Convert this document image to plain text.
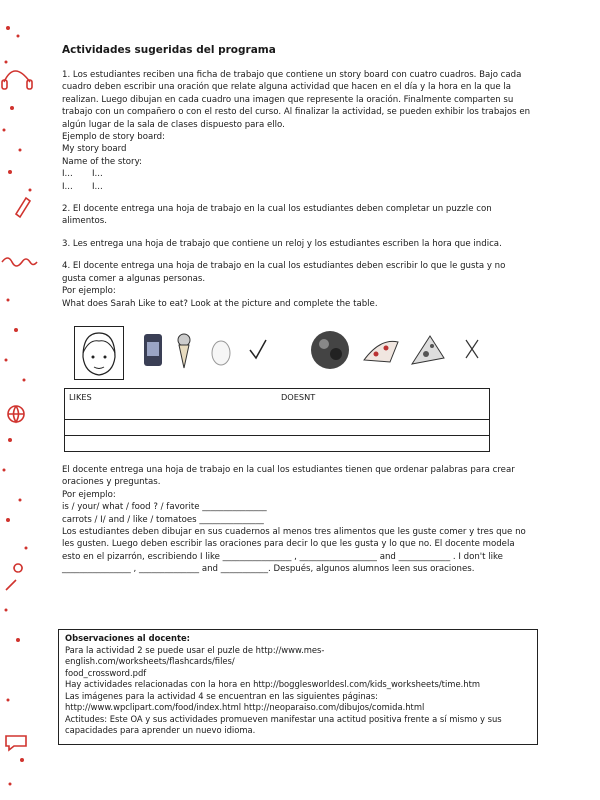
Actividades sugeridas del programa

1. Los estudiantes reciben una ficha de trabajo que contiene un story board con cuatro cuadros. Bajo cada cuadro deben escribir una oración que relate alguna actividad que hacen en el día y la hora en la que la realizan. Luego dibujan en cada cuadro una imagen que represente la oración. Finalmente comparten su trabajo con un compañero o con el resto del curso. Al finalizar la actividad, se pueden exhibir los trabajos en algún lugar de la sala de clases dispuesto para ello.

Ejemplo de story board:

My story board

Name of the story:

I...	I...
I...	I...

2. El docente entrega una hoja de trabajo en la cual los estudiantes deben completar un puzzle con alimentos.

3. Les entrega una hoja de trabajo que contiene un reloj y los estudiantes escriben la hora que indica.

4. El docente entrega una hoja de trabajo en la cual los estudiantes deben escribir lo que le gusta y no gusta comer a algunas personas.

Por ejemplo:

What does Sarah Like to eat? Look at the picture and complete the table.

LIKES	DOESNT

El docente entrega una hoja de trabajo en la cual los estudiantes tienen que ordenar palabras para crear oraciones y preguntas.

Por ejemplo:

is / your/ what / food ? / favorite _______________

carrots / I/ and / like / tomatoes _______________

Los estudiantes deben dibujar en sus cuadernos al menos tres alimentos que les guste comer y tres que no les gusten. Luego deben escribir las oraciones para decir lo que les gusta y lo que no. El docente modela esto en el pizarrón, escribiendo I like ________________ , __________________ and ____________ . I don't like ________________ , ______________ and ___________. Después, algunos alumnos leen sus oraciones.

Observaciones al docente:

Para la actividad 2 se puede usar el puzle de http://www.mes-

english.com/worksheets/flashcards/files/

food_crossword.pdf

Hay actividades relacionadas con la hora en http://bogglesworldesl.com/kids_worksheets/time.htm

Las imágenes para la actividad 4 se encuentran en las siguientes páginas:

http://www.wpclipart.com/food/index.html http://neoparaiso.com/dibujos/comida.html

Actitudes: Este OA y sus actividades promueven manifestar una actitud positiva frente a sí mismo y sus capacidades para aprender un nuevo idioma.
